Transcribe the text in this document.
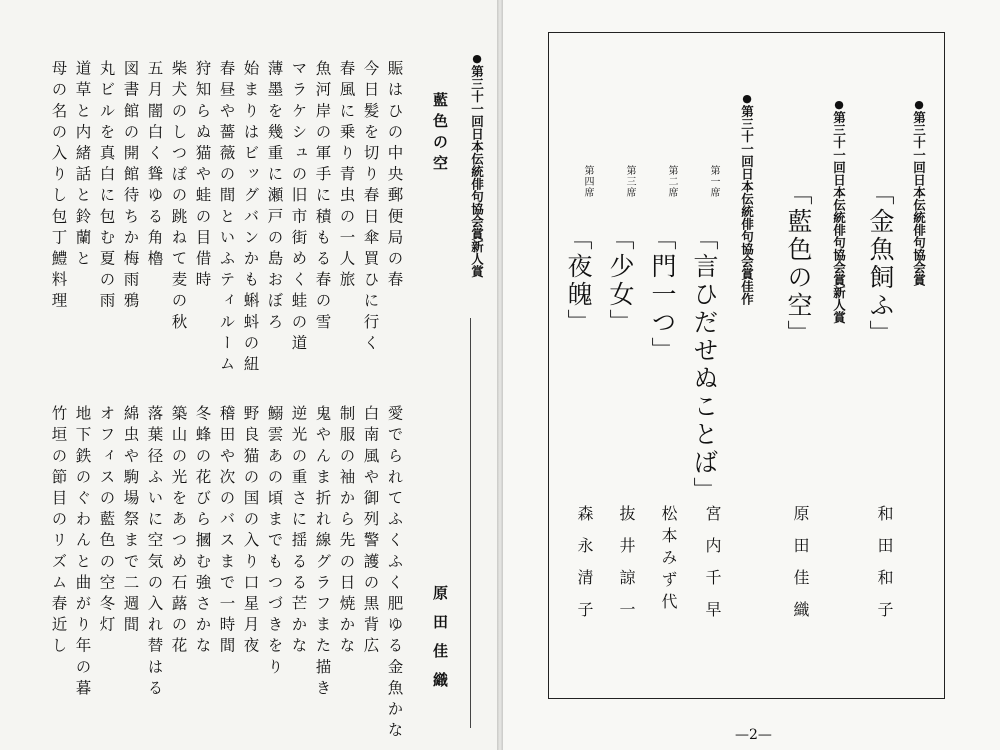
● 第三十一回日本伝統俳句協会賞新人賞
藍色の空
原田佳織
賑はひの中央郵便局の春
今日髪を切り春日傘買ひに行く
春風に乗り青虫の一人旅
魚河岸の軍手に積もる春の雪
マラケシュの旧市街めく蛙の道
薄墨を幾重に瀬戸の島おぼろ
始まりはビッグバンかも蝌蚪の紐
春昼や薔薇の間といふティルーム
狩知らぬ猫や蛙の目借時
柴犬のしつぽの跳ねて麦の秋
五月闇白く聳ゆる角櫓
図書館の開館待ちか梅雨鴉
丸ビルを真白に包む夏の雨
道草と内緒話と鈴蘭と
母の名の入りし包丁鱧料理
愛でられてふくふく肥ゆる金魚かな
白南風や御列警護の黒背広
制服の袖から先の日焼かな
鬼やんま折れ線グラフまた描き
逆光の重さに揺るる芒かな
鰯雲あの頃までもつづきをり
野良猫の国の入り口星月夜
稽田や次のバスまで一時間
冬蜂の花びら摑む強さかな
築山の光をあつめ石蕗の花
落葉径ふいに空気の入れ替はる
綿虫や駒場祭まで二週間
オフィスの藍色の空冬灯
地下鉄のぐわんと曲がり年の暮
竹垣の節目のリズム春近し
● 第三十一回日本伝統俳句協会賞
「金魚飼ふ」
和田和子
● 第三十一回日本伝統俳句協会賞新人賞
「藍色の空」
原田佳織
● 第三十一回日本伝統俳句協会賞佳作
第一席
「言ひだせぬことば」
宮内千早
第二席
「門一つ」
松本みず代
第三席
「少女」
抜井諒一
第四席
「夜魄」
森永清子
—2—
